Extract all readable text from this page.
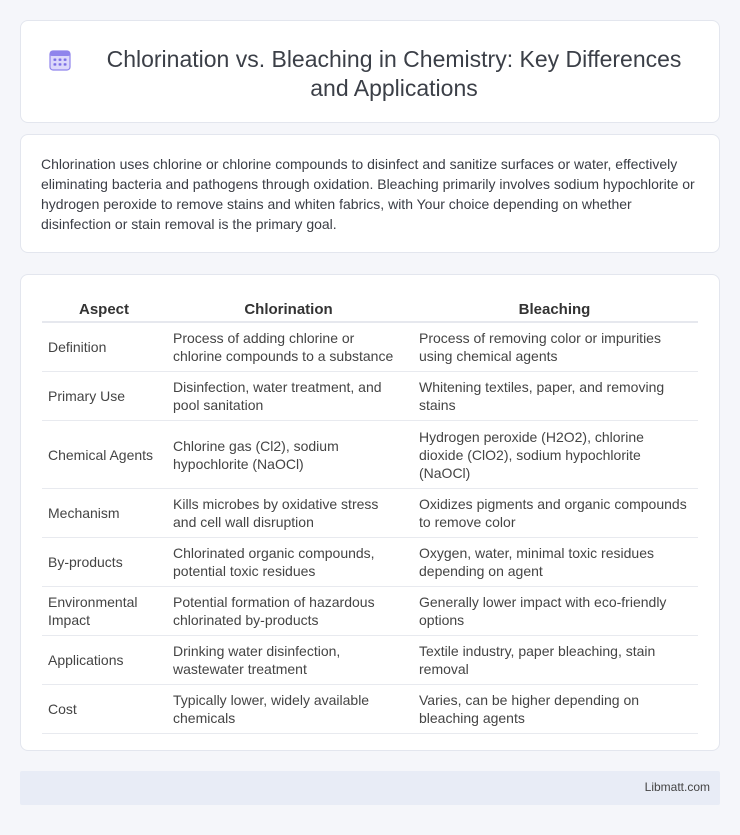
Chlorination vs. Bleaching in Chemistry: Key Differences and Applications

Chlorination uses chlorine or chlorine compounds to disinfect and sanitize surfaces or water, effectively eliminating bacteria and pathogens through oxidation. Bleaching primarily involves sodium hypochlorite or hydrogen peroxide to remove stains and whiten fabrics, with Your choice depending on whether disinfection or stain removal is the primary goal.

Aspect	Chlorination	Bleaching
Definition	Process of adding chlorine or chlorine compounds to a substance	Process of removing color or impurities using chemical agents
Primary Use	Disinfection, water treatment, and pool sanitation	Whitening textiles, paper, and removing stains
Chemical Agents	Chlorine gas (Cl2), sodium hypochlorite (NaOCl)	Hydrogen peroxide (H2O2), chlorine dioxide (ClO2), sodium hypochlorite (NaOCl)
Mechanism	Kills microbes by oxidative stress and cell wall disruption	Oxidizes pigments and organic compounds to remove color
By-products	Chlorinated organic compounds, potential toxic residues	Oxygen, water, minimal toxic residues depending on agent
Environmental Impact	Potential formation of hazardous chlorinated by-products	Generally lower impact with eco-friendly options
Applications	Drinking water disinfection, wastewater treatment	Textile industry, paper bleaching, stain removal
Cost	Typically lower, widely available chemicals	Varies, can be higher depending on bleaching agents
Libmatt.com
